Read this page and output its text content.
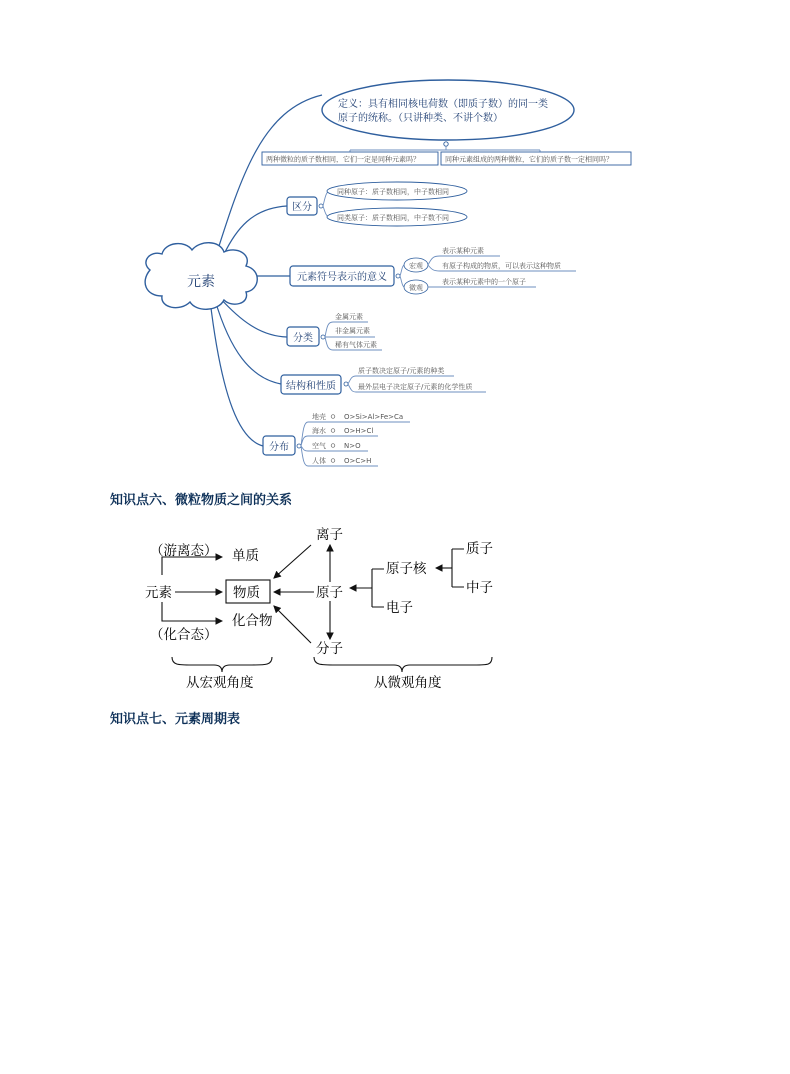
元素
定义：具有相同核电荷数（即质子数）的同一类
原子的统称。（只讲种类、不讲个数）
两种微粒的质子数相同，它们一定是同种元素吗？	同种元素组成的两种微粒，它们的质子数一定相同吗？
区分
同种原子：质子数相同，中子数相同
同类原子：质子数相同，中子数不同
元素符号表示的意义
宏观
微观
表示某种元素
有原子构成的物质，可以表示这种物质
表示某种元素中的一个原子
分类
金属元素
非金属元素
稀有气体元素
结构和性质
质子数决定原子/元素的种类
最外层电子决定原子/元素的化学性质
分布
地壳	O>Si>Al>Fe>Ca
海水	O>H>Cl
空气	N>O
人体	O>C>H
知识点六、微粒物质之间的关系
（游离态） 单质
元素	物质
（化合态）
化合物
离子
原子
分子
原子核
电子
质子
中子
从宏观角度	从微观角度
知识点七、元素周期表
